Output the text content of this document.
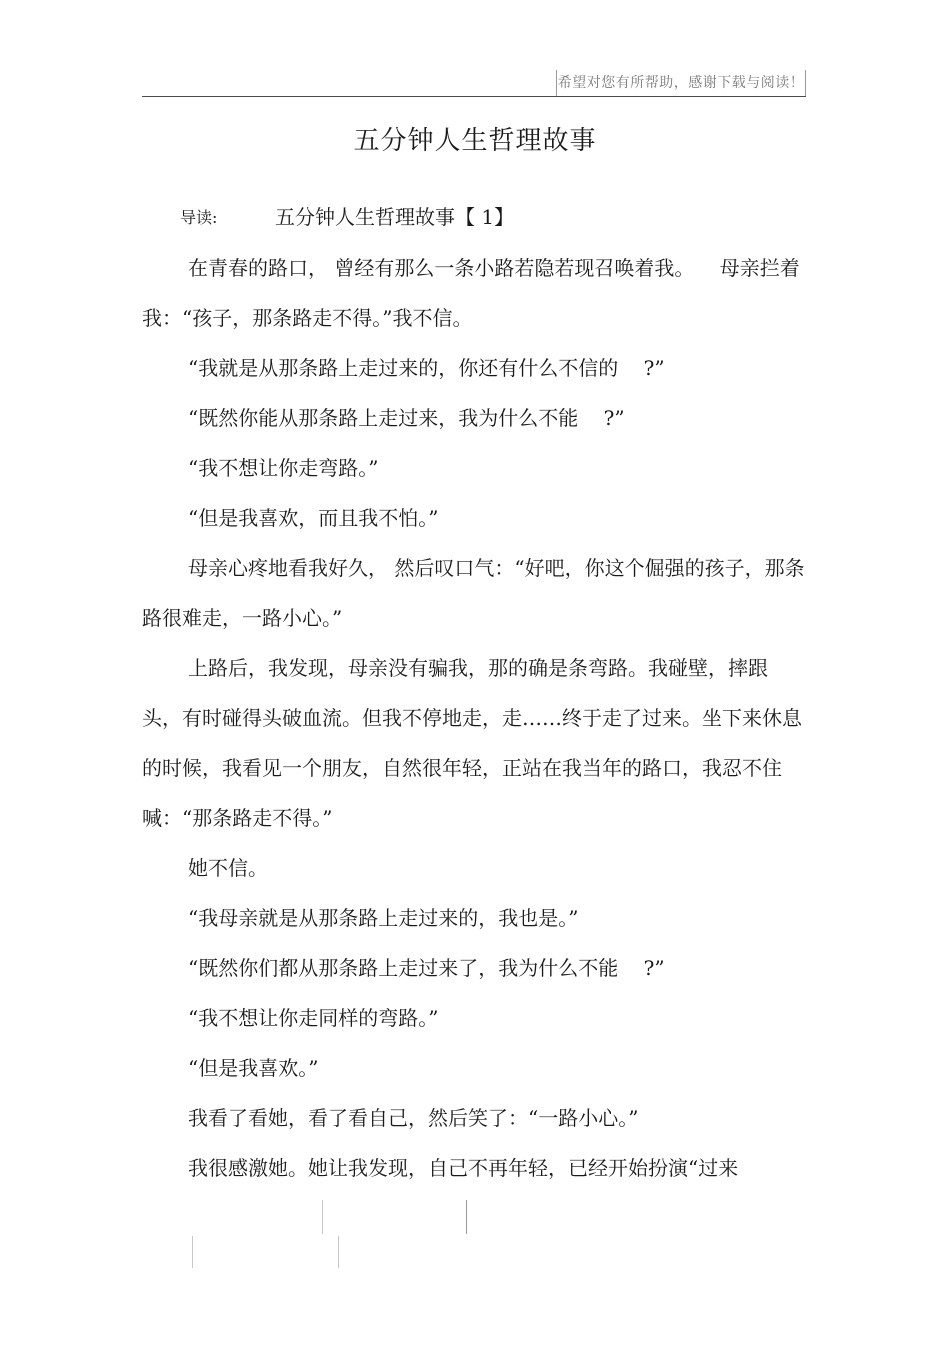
希望对您有所帮助，感谢下载与阅读！
五分钟人生哲理故事
导读:	五分钟人生哲理故事【 1】

在青春的路口， 曾经有那么一条小路若隐若现召唤着我。    母亲拦着我：“孩子，那条路走不得。”我不信。

“我就是从那条路上走过来的，你还有什么不信的    ?”

“既然你能从那条路上走过来，我为什么不能    ?”

“我不想让你走弯路。”

“但是我喜欢，而且我不怕。”

母亲心疼地看我好久， 然后叹口气：“好吧，你这个倔强的孩子，那条路很难走，一路小心。”

上路后，我发现，母亲没有骗我，那的确是条弯路。我碰壁，摔跟头，有时碰得头破血流。但我不停地走，走……终于走了过来。坐下来休息的时候，我看见一个朋友，自然很年轻，正站在我当年的路口，我忍不住喊：“那条路走不得。”

她不信。

“我母亲就是从那条路上走过来的，我也是。”

“既然你们都从那条路上走过来了，我为什么不能    ?”

“我不想让你走同样的弯路。”

“但是我喜欢。”

我看了看她，看了看自己，然后笑了：“一路小心。”

我很感激她。她让我发现，自己不再年轻，已经开始扮演“过来
